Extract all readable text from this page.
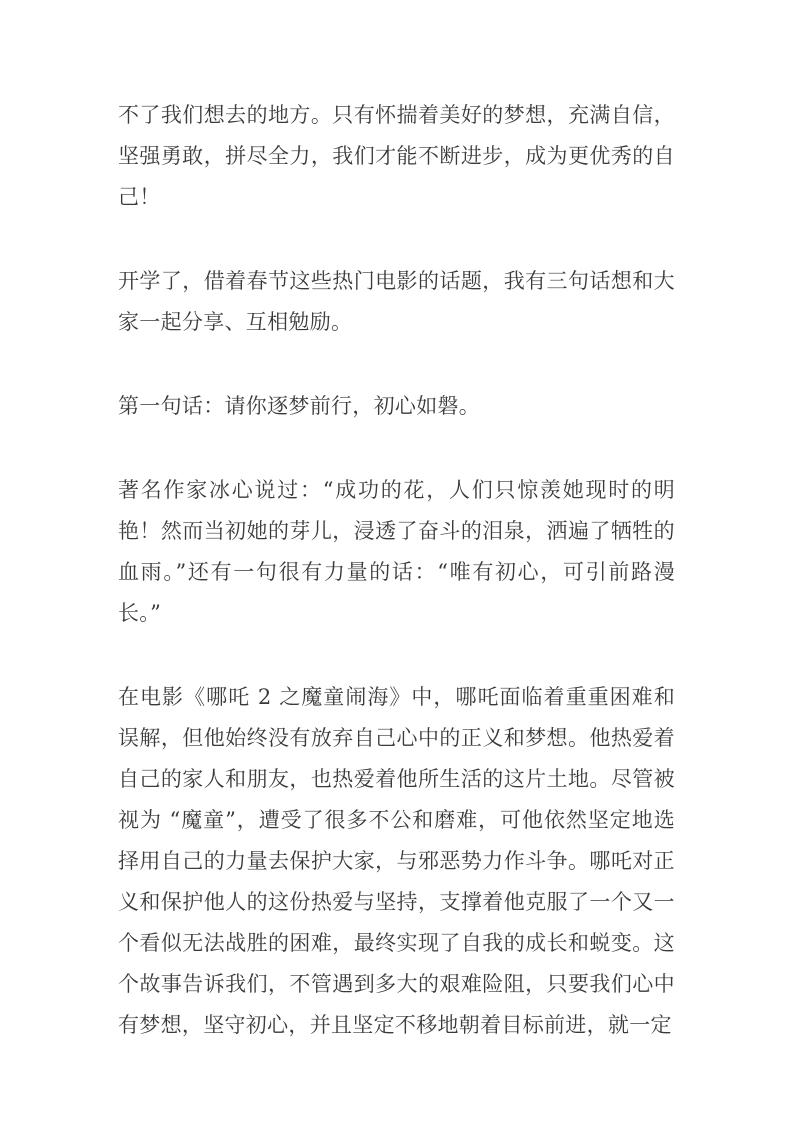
不了我们想去的地方。只有怀揣着美好的梦想，充满自信，坚强勇敢，拼尽全力，我们才能不断进步，成为更优秀的自己！

开学了，借着春节这些热门电影的话题，我有三句话想和大家一起分享、互相勉励。

第一句话：请你逐梦前行，初心如磐。

著名作家冰心说过：“成功的花，人们只惊羡她现时的明艳！然而当初她的芽儿，浸透了奋斗的泪泉，洒遍了牺牲的血雨。”还有一句很有力量的话：“唯有初心，可引前路漫长。”

在电影《哪吒 2 之魔童闹海》中，哪吒面临着重重困难和误解，但他始终没有放弃自己心中的正义和梦想。他热爱着自己的家人和朋友，也热爱着他所生活的这片土地。尽管被视为 “魔童”，遭受了很多不公和磨难，可他依然坚定地选择用自己的力量去保护大家，与邪恶势力作斗争。哪吒对正义和保护他人的这份热爱与坚持，支撑着他克服了一个又一个看似无法战胜的困难，最终实现了自我的成长和蜕变。这个故事告诉我们，不管遇到多大的艰难险阻，只要我们心中有梦想，坚守初心，并且坚定不移地朝着目标前进，就一定
